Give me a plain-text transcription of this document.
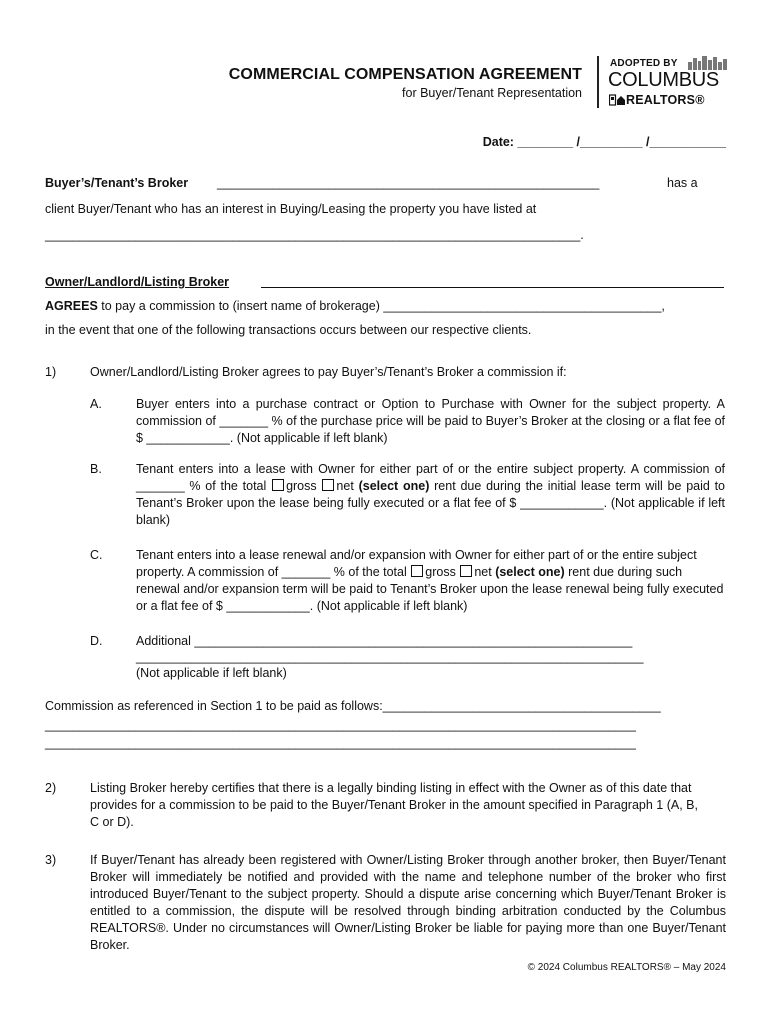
COMMERCIAL COMPENSATION AGREEMENT
for Buyer/Tenant Representation
ADOPTED BY
COLUMBUS
REALTORS®
Date: ________ /_________ /___________
Buyer’s/Tenant’s Broker _______________________________________________________	has a
client Buyer/Tenant who has an interest in Buying/Leasing the property you have listed at
_____________________________________________________________________________.
Owner/Landlord/Listing Broker
AGREES to pay a commission to (insert name of brokerage) ________________________________________,
in the event that one of the following transactions occurs between our respective clients.
1)	Owner/Landlord/Listing Broker agrees to pay Buyer’s/Tenant’s Broker a commission if:
A.	Buyer enters into a purchase contract or Option to Purchase with Owner for the subject property. A commission of _______ % of the purchase price will be paid to Buyer’s Broker at the closing or a flat fee of $ ____________. (Not applicable if left blank)
B.	Tenant enters into a lease with Owner for either part of or the entire subject property. A commission of _______ % of the total gross net (select one) rent due during the initial lease term will be paid to Tenant’s Broker upon the lease being fully executed or a flat fee of $ ____________. (Not applicable if left blank)
C.	Tenant enters into a lease renewal and/or expansion with Owner for either part of or the entire subject property. A commission of _______ % of the total gross net (select one) rent due during such renewal and/or expansion term will be paid to Tenant’s Broker upon the lease renewal being fully executed or a flat fee of $ ____________. (Not applicable if left blank)
D.	Additional _______________________________________________________________
_________________________________________________________________________
(Not applicable if left blank)
Commission as referenced in Section 1 to be paid as follows:________________________________________
_____________________________________________________________________________________
_____________________________________________________________________________________
2)	Listing Broker hereby certifies that there is a legally binding listing in effect with the Owner as of this date that provides for a commission to be paid to the Buyer/Tenant Broker in the amount specified in Paragraph 1 (A, B, C or D).
3)	If Buyer/Tenant has already been registered with Owner/Listing Broker through another broker, then Buyer/Tenant Broker will immediately be notified and provided with the name and telephone number of the broker who first introduced Buyer/Tenant to the subject property. Should a dispute arise concerning which Buyer/Tenant Broker is entitled to a commission, the dispute will be resolved through binding arbitration conducted by the Columbus REALTORS®. Under no circumstances will Owner/Listing Broker be liable for paying more than one Buyer/Tenant Broker.
© 2024 Columbus REALTORS® – May 2024
